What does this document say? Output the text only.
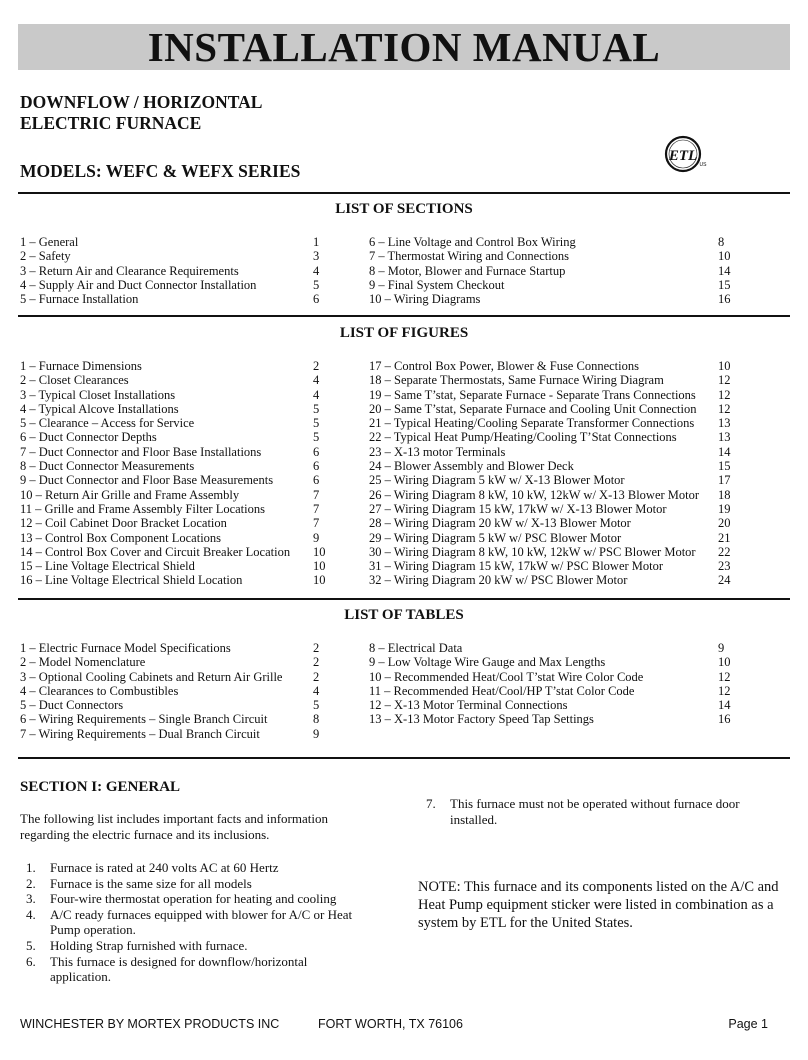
INSTALLATION MANUAL
DOWNFLOW / HORIZONTAL
ELECTRIC FURNACE
MODELS: WEFC & WEFX SERIES
ETL
US
LIST OF SECTIONS
1 – General	1
2 – Safety	3
3 – Return Air and Clearance Requirements	4
4 – Supply Air and Duct Connector Installation	5
5 – Furnace Installation	6
6 – Line Voltage and Control Box Wiring	8
7 – Thermostat Wiring and Connections	10
8 – Motor, Blower and Furnace Startup	14
9 – Final System Checkout	15
10 – Wiring Diagrams	16
LIST OF FIGURES
1 – Furnace Dimensions	2
2 – Closet Clearances	4
3 – Typical Closet Installations	4
4 – Typical Alcove Installations	5
5 – Clearance – Access for Service	5
6 – Duct Connector Depths	5
7 – Duct Connector and Floor Base Installations	6
8 – Duct Connector Measurements	6
9 – Duct Connector and Floor Base Measurements	6
10 – Return Air Grille and Frame Assembly	7
11 – Grille and Frame Assembly Filter Locations	7
12 – Coil Cabinet Door Bracket Location	7
13 – Control Box Component Locations	9
14 – Control Box Cover and Circuit Breaker Location	10
15 – Line Voltage Electrical Shield	10
16 – Line Voltage Electrical Shield Location	10
17 – Control Box Power, Blower & Fuse Connections	10
18 – Separate Thermostats, Same Furnace Wiring Diagram	12
19 – Same T’stat, Separate Furnace - Separate Trans Connections	12
20 – Same T’stat, Separate Furnace and Cooling Unit Connection	12
21 – Typical Heating/Cooling Separate Transformer Connections	13
22 – Typical Heat Pump/Heating/Cooling T’Stat Connections	13
23 – X-13 motor Terminals	14
24 – Blower Assembly and Blower Deck	15
25 – Wiring Diagram 5 kW w/ X-13 Blower Motor	17
26 – Wiring Diagram 8 kW, 10 kW, 12kW w/ X-13 Blower Motor	18
27 – Wiring Diagram 15 kW, 17kW w/ X-13 Blower Motor	19
28 – Wiring Diagram 20 kW w/ X-13 Blower Motor	20
29 – Wiring Diagram 5 kW w/ PSC Blower Motor	21
30 – Wiring Diagram 8 kW, 10 kW, 12kW w/ PSC Blower Motor	22
31 – Wiring Diagram 15 kW, 17kW w/ PSC Blower Motor	23
32 – Wiring Diagram 20 kW w/ PSC Blower Motor	24
LIST OF TABLES
1 – Electric Furnace Model Specifications	2
2 – Model Nomenclature	2
3 – Optional Cooling Cabinets and Return Air Grille	2
4 – Clearances to Combustibles	4
5 – Duct Connectors	5
6 – Wiring Requirements – Single Branch Circuit	8
7 – Wiring Requirements – Dual Branch Circuit	9
8 – Electrical Data	9
9 – Low Voltage Wire Gauge and Max Lengths	10
10 – Recommended Heat/Cool T’stat Wire Color Code	12
11 – Recommended Heat/Cool/HP T’stat Color Code	12
12 – X-13 Motor Terminal Connections	14
13 – X-13 Motor Factory Speed Tap Settings	16
SECTION I: GENERAL
The following list includes important facts and information regarding the electric furnace and its inclusions.
1.	Furnace is rated at 240 volts AC at 60 Hertz
2.	Furnace is the same size for all models
3.	Four-wire thermostat operation for heating and cooling
4.	A/C ready furnaces equipped with blower for A/C or Heat Pump operation.
5.	Holding Strap furnished with furnace.
6.	This furnace is designed for downflow/horizontal application.
7.	This furnace must not be operated without furnace door installed.
NOTE: This furnace and its components listed on the A/C and Heat Pump equipment sticker were listed in combination as a system by ETL for the United States.
WINCHESTER BY MORTEX PRODUCTS INC	FORT WORTH, TX 76106	Page 1
